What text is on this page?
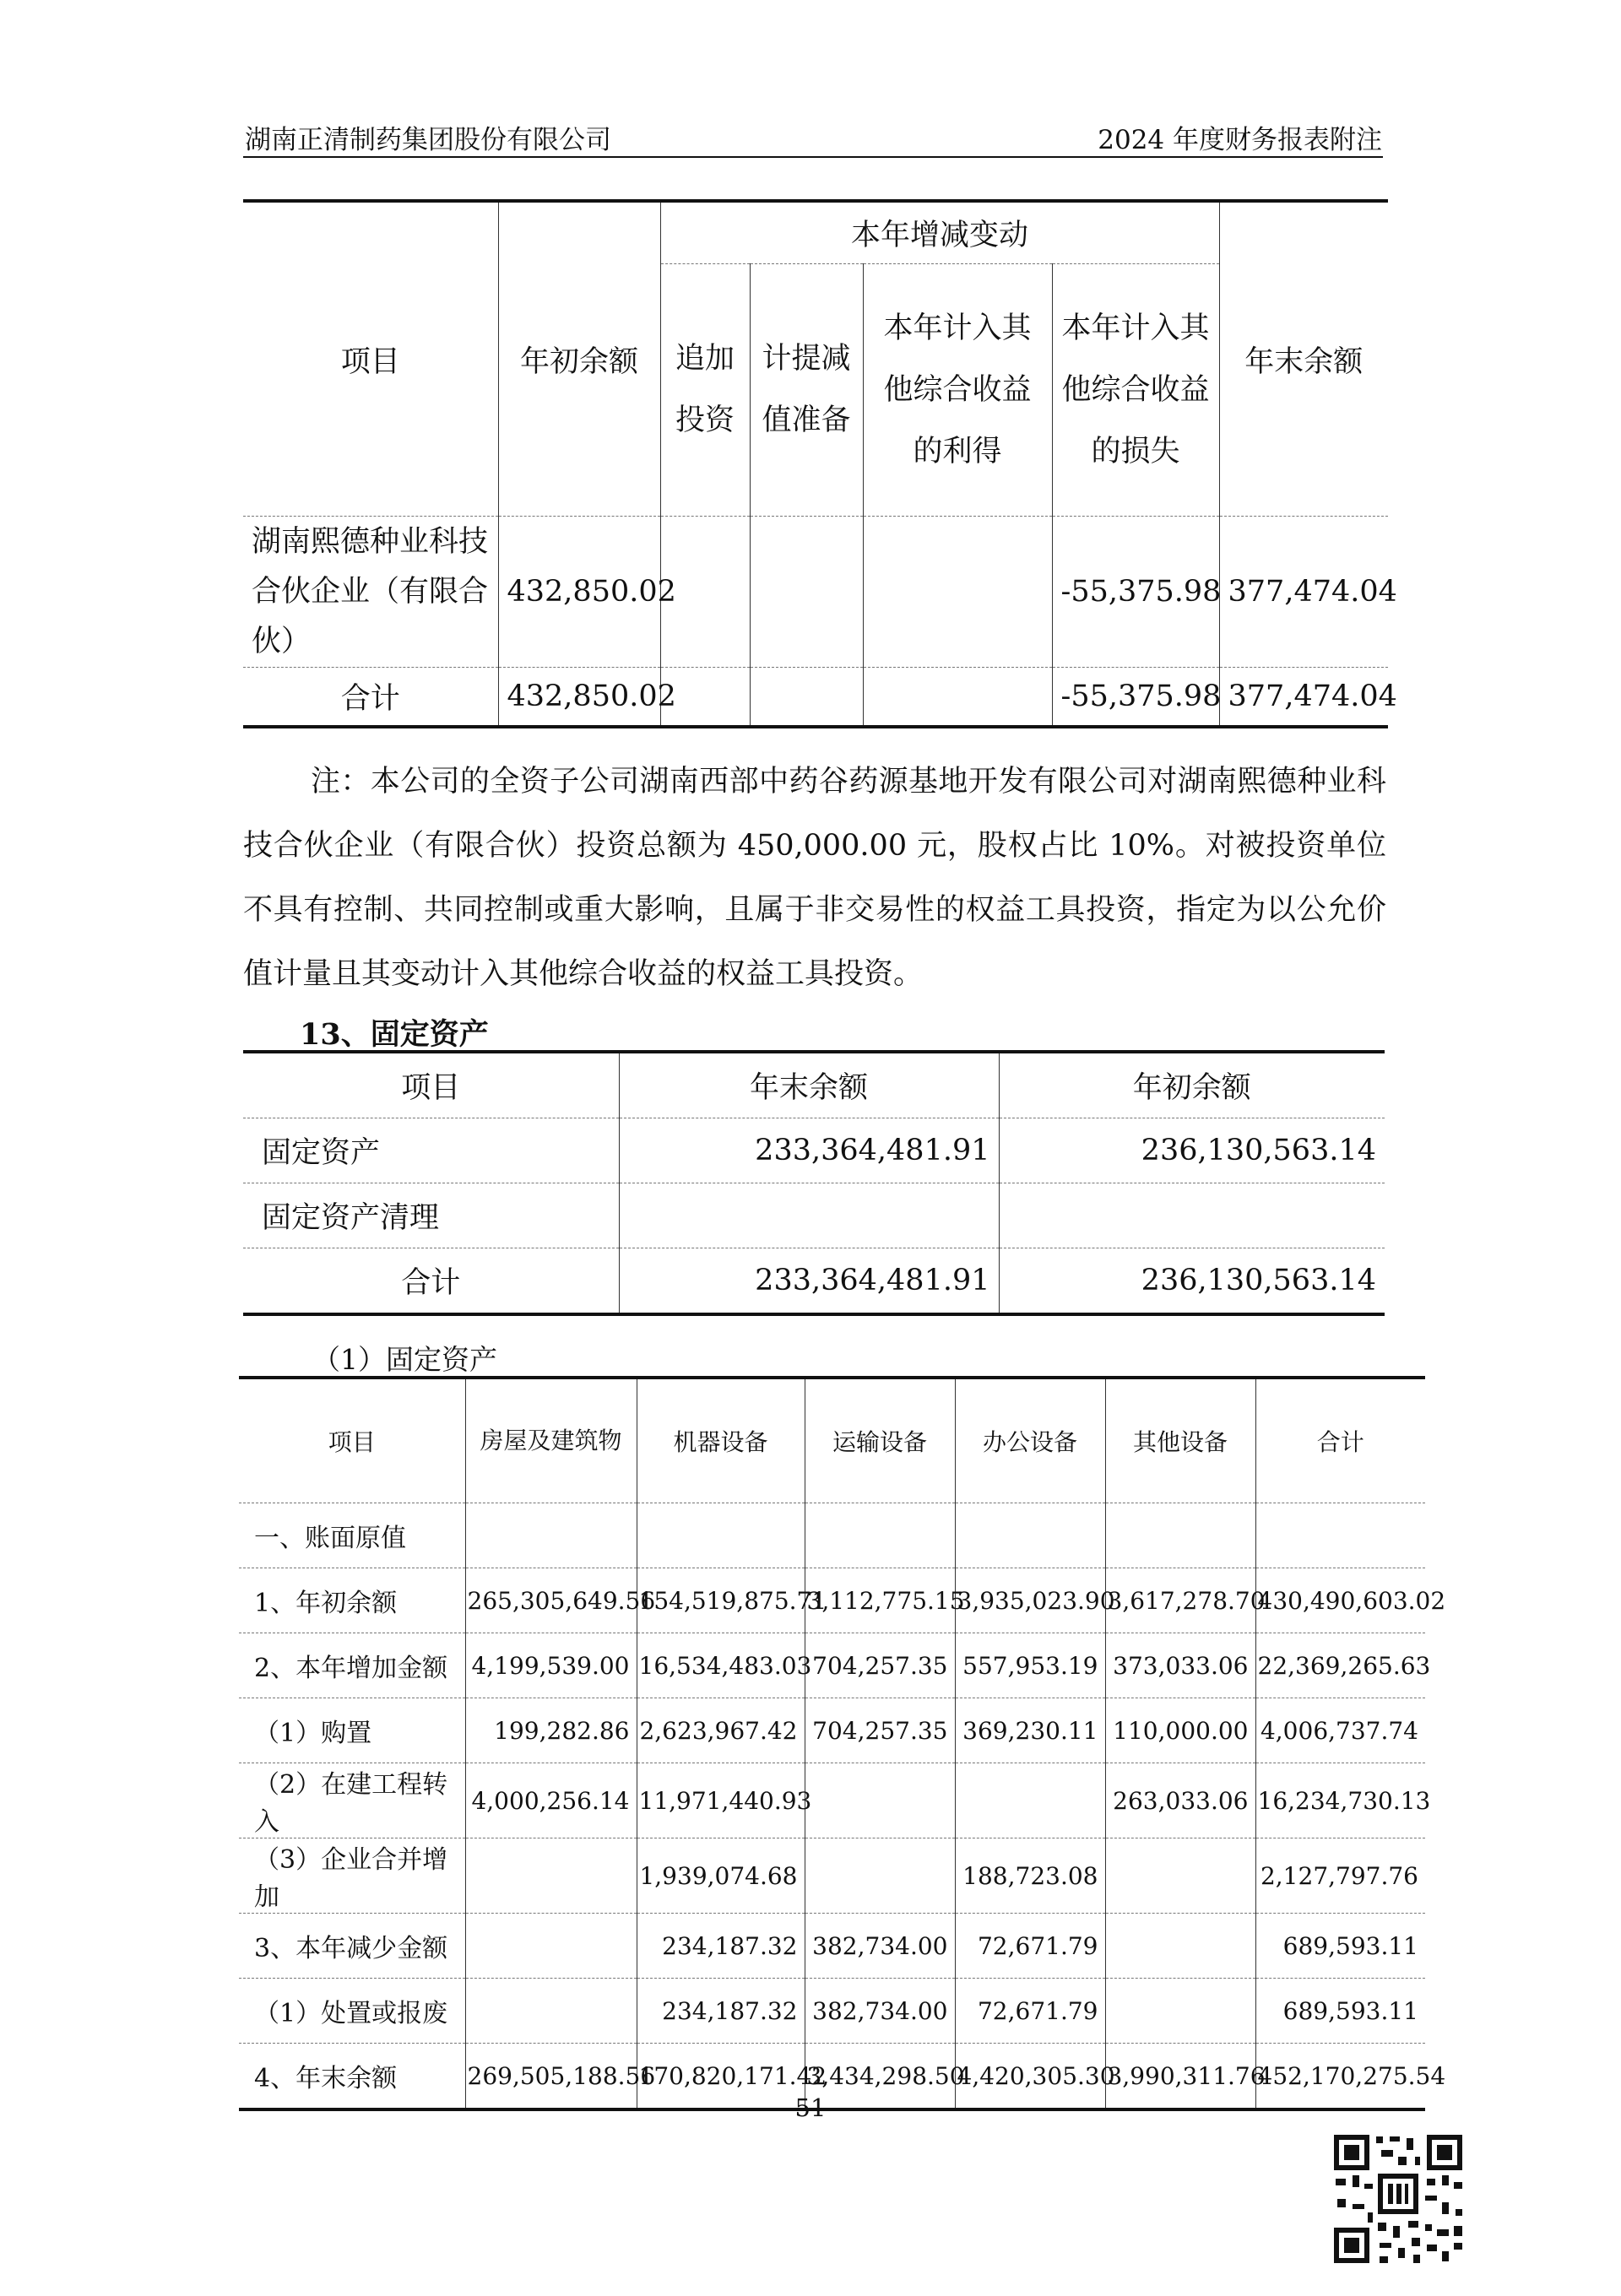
湖南正清制药集团股份有限公司	2024 年度财务报表附注
项目	年初余额	本年增减变动				年末余额
		追加投资	计提减值准备	本年计入其他综合收益的利得	本年计入其他综合收益的损失	
湖南熙德种业科技合伙企业（有限合伙）	432,850.02				-55,375.98	377,474.04
合计	432,850.02				-55,375.98	377,474.04
注：本公司的全资子公司湖南西部中药谷药源基地开发有限公司对湖南熙德种业科技合伙企业（有限合伙）投资总额为 450,000.00 元，股权占比 10%。对被投资单位不具有控制、共同控制或重大影响，且属于非交易性的权益工具投资，指定为以公允价值计量且其变动计入其他综合收益的权益工具投资。
13、固定资产
项目	年末余额	年初余额
固定资产	233,364,481.91	236,130,563.14
固定资产清理		
合计	233,364,481.91	236,130,563.14
（1）固定资产
项目	房屋及建筑物	机器设备	运输设备	办公设备	其他设备	合计
一、账面原值						
1、年初余额	265,305,649.56	154,519,875.71	3,112,775.15	3,935,023.90	3,617,278.70	430,490,603.02
2、本年增加金额	4,199,539.00	16,534,483.03	704,257.35	557,953.19	373,033.06	22,369,265.63
（1）购置	199,282.86	2,623,967.42	704,257.35	369,230.11	110,000.00	4,006,737.74
（2）在建工程转入	4,000,256.14	11,971,440.93			263,033.06	16,234,730.13
（3）企业合并增加		1,939,074.68		188,723.08		2,127,797.76
3、本年减少金额		234,187.32	382,734.00	72,671.79		689,593.11
（1）处置或报废		234,187.32	382,734.00	72,671.79		689,593.11
4、年末余额	269,505,188.56	170,820,171.42	3,434,298.50	4,420,305.30	3,990,311.76	452,170,275.54
51
